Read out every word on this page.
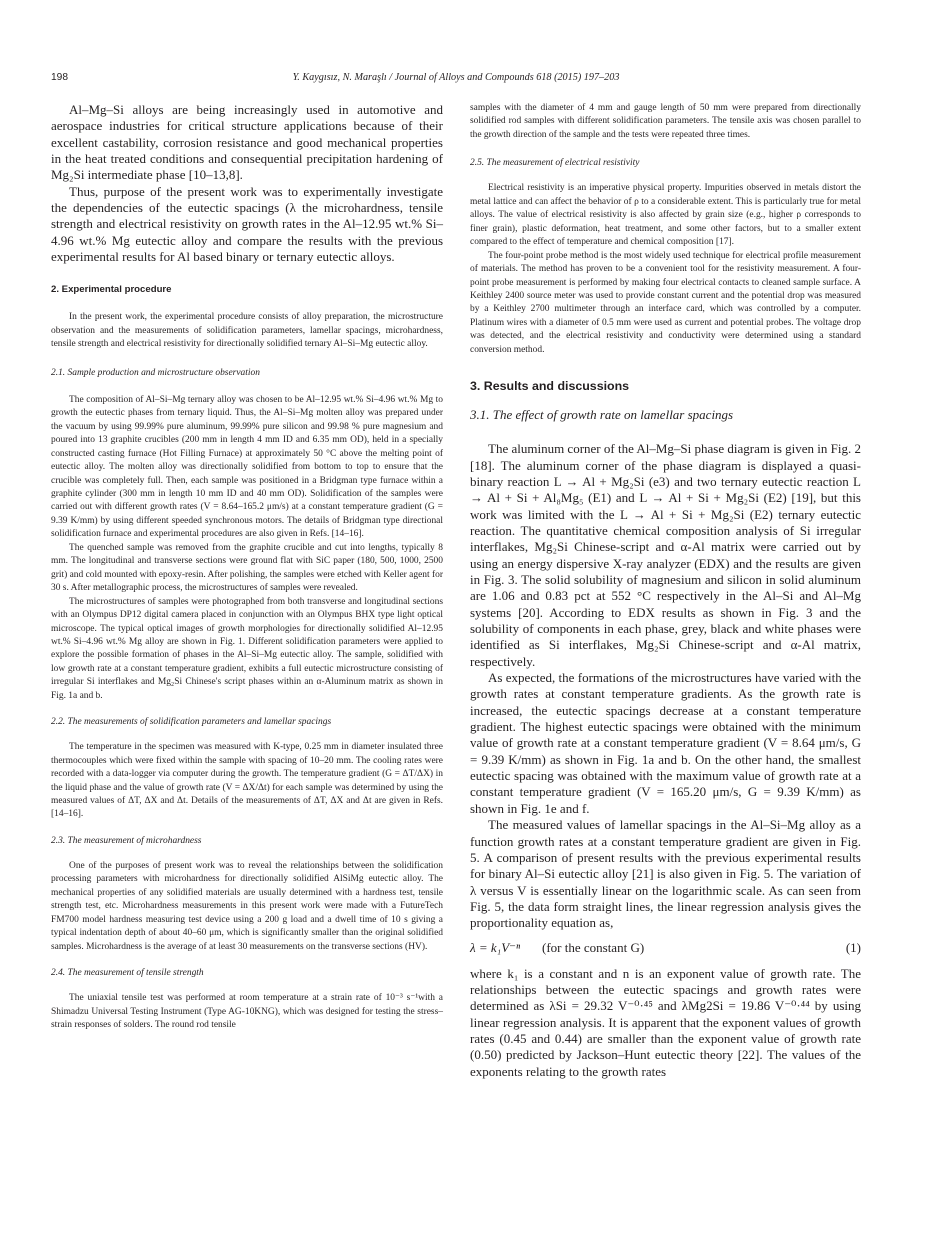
198	Y. Kaygısız, N. Maraşlı / Journal of Alloys and Compounds 618 (2015) 197–203

Al–Mg–Si alloys are being increasingly used in automotive and aerospace industries for critical structure applications because of their excellent castability, corrosion resistance and good mechanical properties in the heat treated conditions and consequential precipitation hardening of Mg₂Si intermediate phase [10–13,8].

Thus, purpose of the present work was to experimentally investigate the dependencies of the eutectic spacings (λ the microhardness, tensile strength and electrical resistivity on growth rates in the Al–12.95 wt.% Si–4.96 wt.% Mg eutectic alloy and compare the results with the previous experimental results for Al based binary or ternary eutectic alloys.

2. Experimental procedure

In the present work, the experimental procedure consists of alloy preparation, the microstructure observation and the measurements of solidification parameters, lamellar spacings, microhardness, tensile strength and electrical resistivity for directionally solidified ternary Al–Si–Mg eutectic alloy.

2.1. Sample production and microstructure observation

The composition of Al–Si–Mg ternary alloy was chosen to be Al–12.95 wt.% Si–4.96 wt.% Mg to growth the eutectic phases from ternary liquid. Thus, the Al–Si–Mg molten alloy was prepared under the vacuum by using 99.99% pure aluminum, 99.99% pure silicon and 99.98 % pure magnesium and poured into 13 graphite crucibles (200 mm in length 4 mm ID and 6.35 mm OD), held in a specially constructed casting furnace (Hot Filling Furnace) at approximately 50 °C above the melting point of eutectic alloy. The molten alloy was directionally solidified from bottom to top to ensure that the crucible was completely full. Then, each sample was positioned in a Bridgman type furnace within a graphite cylinder (300 mm in length 10 mm ID and 40 mm OD). Solidification of the samples were carried out with different growth rates (V = 8.64–165.2 μm/s) at a constant temperature gradient (G = 9.39 K/mm) by using different speeded synchronous motors. The details of Bridgman type directional solidification furnace and experimental procedures are also given in Refs. [14–16].

The quenched sample was removed from the graphite crucible and cut into lengths, typically 8 mm. The longitudinal and transverse sections were ground flat with SiC paper (180, 500, 1000, 2500 grit) and cold mounted with epoxy-resin. After polishing, the samples were etched with Keller agent for 30 s. After metallographic process, the microstructures of samples were revealed.

The microstructures of samples were photographed from both transverse and longitudinal sections with an Olympus DP12 digital camera placed in conjunction with an Olympus BHX type light optical microscope. The typical optical images of growth morphologies for directionally solidified Al–12.95 wt.% Si–4.96 wt.% Mg alloy are shown in Fig. 1. Different solidification parameters were applied to explore the possible formation of phases in the Al–Si–Mg eutectic alloy. The sample, solidified with low growth rate at a constant temperature gradient, exhibits a full eutectic microstructure consisting of irregular Si interflakes and Mg₂Si Chinese's script phases within an α-Aluminum matrix as shown in Fig. 1a and b.

2.2. The measurements of solidification parameters and lamellar spacings

The temperature in the specimen was measured with K-type, 0.25 mm in diameter insulated three thermocouples which were fixed within the sample with spacing of 10–20 mm. The cooling rates were recorded with a data-logger via computer during the growth. The temperature gradient (G = ΔT/ΔX) in the liquid phase and the value of growth rate (V = ΔX/Δt) for each sample was determined by using the measured values of ΔT, ΔX and Δt. Details of the measurements of ΔT, ΔX and Δt are given in Refs. [14–16].

2.3. The measurement of microhardness

One of the purposes of present work was to reveal the relationships between the solidification processing parameters with microhardness for directionally solidified AlSiMg eutectic alloy. The mechanical properties of any solidified materials are usually determined with a hardness test, tensile strength test, etc. Microhardness measurements in this present work were made with a FutureTech FM700 model hardness measuring test device using a 200 g load and a dwell time of 10 s giving a typical indentation depth of about 40–60 μm, which is significantly smaller than the original solidified samples. Microhardness is the average of at least 30 measurements on the transverse sections (HV).

2.4. The measurement of tensile strength

The uniaxial tensile test was performed at room temperature at a strain rate of 10⁻³ s⁻¹with a Shimadzu Universal Testing Instrument (Type AG-10KNG), which was designed for testing the stress–strain responses of solders. The round rod tensile

samples with the diameter of 4 mm and gauge length of 50 mm were prepared from directionally solidified rod samples with different solidification parameters. The tensile axis was chosen parallel to the growth direction of the sample and the tests were repeated three times.

2.5. The measurement of electrical resistivity

Electrical resistivity is an imperative physical property. Impurities observed in metals distort the metal lattice and can affect the behavior of ρ to a considerable extent. This is particularly true for metal alloys. The value of electrical resistivity is also affected by grain size (e.g., higher ρ corresponds to finer grain), plastic deformation, heat treatment, and some other factors, but to a smaller extent compared to the effect of temperature and chemical composition [17].

The four-point probe method is the most widely used technique for electrical profile measurement of materials. The method has proven to be a convenient tool for the resistivity measurement. A four-point probe measurement is performed by making four electrical contacts to cleaned sample surface. A Keithley 2400 source meter was used to provide constant current and the potential drop was measured by a Keithley 2700 multimeter through an interface card, which was controlled by a computer. Platinum wires with a diameter of 0.5 mm were used as current and potential probes. The voltage drop was detected, and the electrical resistivity and conductivity were determined using a standard conversion method.

3. Results and discussions

3.1. The effect of growth rate on lamellar spacings

The aluminum corner of the Al–Mg–Si phase diagram is given in Fig. 2 [18]. The aluminum corner of the phase diagram is displayed a quasi-binary reaction L → Al + Mg₂Si (e3) and two ternary eutectic reaction L → Al + Si + Al₈Mg₅ (E1) and L → Al + Si + Mg₂Si (E2) [19], but this work was limited with the L → Al + Si + Mg₂Si (E2) ternary eutectic reaction. The quantitative chemical composition analysis of Si irregular interflakes, Mg₂Si Chinese-script and α-Al matrix were carried out by using an energy dispersive X-ray analyzer (EDX) and the results are given in Fig. 3. The solid solubility of magnesium and silicon in solid aluminum are 1.06 and 0.83 pct at 552 °C respectively in the Al–Si and Al–Mg systems [20]. According to EDX results as shown in Fig. 3 and the solubility of components in each phase, grey, black and white phases were identified as Si interflakes, Mg₂Si Chinese-script and α-Al matrix, respectively.

As expected, the formations of the microstructures have varied with the growth rates at constant temperature gradients. As the growth rate is increased, the eutectic spacings decrease at a constant temperature gradient. The highest eutectic spacings were obtained with the minimum value of growth rate at a constant temperature gradient (V = 8.64 μm/s, G = 9.39 K/mm) as shown in Fig. 1a and b. On the other hand, the smallest eutectic spacing was obtained with the maximum value of growth rate at a constant temperature gradient (V = 165.20 μm/s, G = 9.39 K/mm) as shown in Fig. 1e and f.

The measured values of lamellar spacings in the Al–Si–Mg alloy as a function growth rates at a constant temperature gradient are given in Fig. 5. A comparison of present results with the previous experimental results for binary Al–Si eutectic alloy [21] is also given in Fig. 5. The variation of λ versus V is essentially linear on the logarithmic scale. As can seen from Fig. 5, the data form straight lines, the linear regression analysis gives the proportionality equation as,

λ = k₁V⁻ⁿ (for the constant G)	(1)

where k₁ is a constant and n is an exponent value of growth rate. The relationships between the eutectic spacings and growth rates were determined as λSi = 29.32 V⁻⁰·⁴⁵ and λMg2Si = 19.86 V⁻⁰·⁴⁴ by using linear regression analysis. It is apparent that the exponent values of growth rates (0.45 and 0.44) are smaller than the exponent value of growth rate (0.50) predicted by Jackson–Hunt eutectic theory [22]. The values of the exponents relating to the growth rates
